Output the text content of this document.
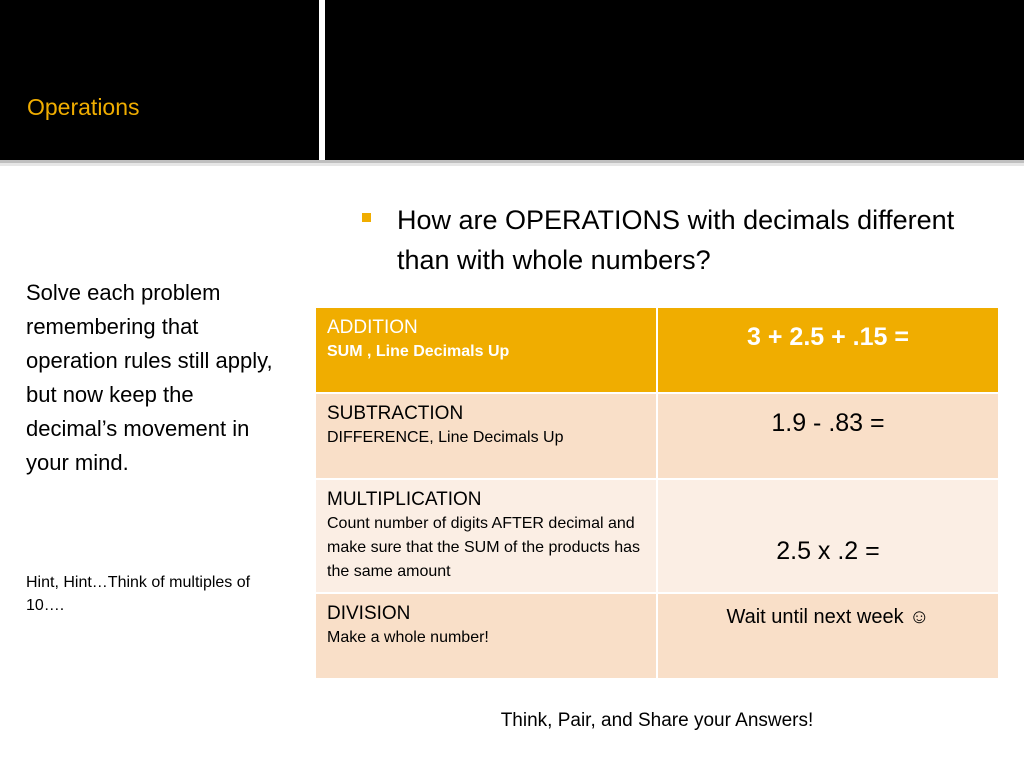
Operations
Solve each problem remembering that operation rules still apply, but now keep the decimal’s movement in your mind.
Hint, Hint…Think of multiples of 10….
How are OPERATIONS with decimals different than with whole numbers?
ADDITION
SUM , Line Decimals Up	3 + 2.5 + .15 =

SUBTRACTION
DIFFERENCE, Line Decimals Up	1.9 - .83 =

MULTIPLICATION
Count number of digits AFTER decimal and make sure that the SUM of the products has the same amount	2.5 x .2 =

DIVISION
Make a whole number!	Wait until next week ☺
Think, Pair, and Share your Answers!
